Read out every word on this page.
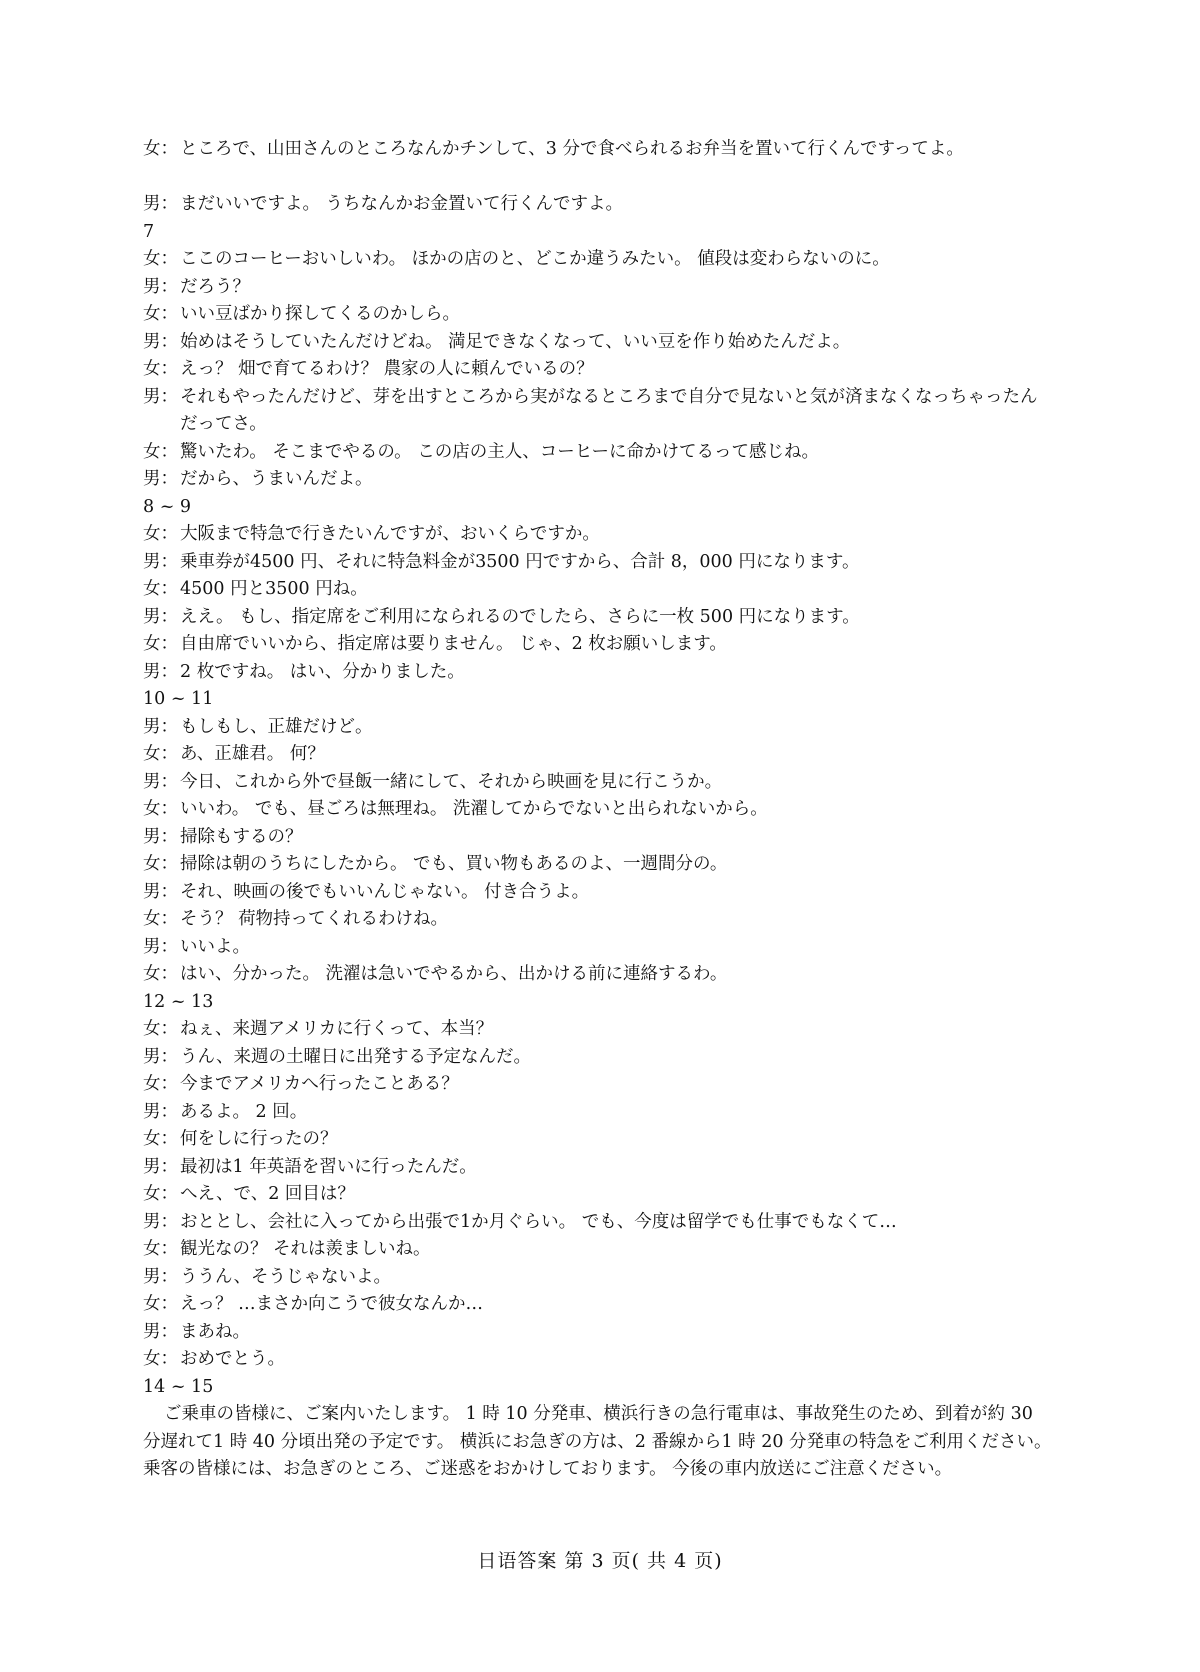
女： ところで、山田さんのところなんかチンして、3 分で食べられるお弁当を置いて行くんですってよ。
男： まだいいですよ。 うちなんかお金置いて行くんですよ。
7
女： ここのコーヒーおいしいわ。 ほかの店のと、どこか違うみたい。 値段は変わらないのに。
男： だろう？
女： いい豆ばかり探してくるのかしら。
男： 始めはそうしていたんだけどね。 満足できなくなって、いい豆を作り始めたんだよ。
女： えっ？ 畑で育てるわけ？ 農家の人に頼んでいるの？
男： それもやったんだけど、芽を出すところから実がなるところまで自分で見ないと気が済まなくなっちゃったんだってさ。
女： 驚いたわ。 そこまでやるの。 この店の主人、コーヒーに命かけてるって感じね。
男： だから、うまいんだよ。
8 ~ 9
女： 大阪まで特急で行きたいんですが、おいくらですか。
男： 乗車券が4500 円、それに特急料金が3500 円ですから、合計 8，000 円になります。
女： 4500 円と3500 円ね。
男： ええ。 もし、指定席をご利用になられるのでしたら、さらに一枚 500 円になります。
女： 自由席でいいから、指定席は要りません。 じゃ、2 枚お願いします。
男： 2 枚ですね。 はい、分かりました。
10 ~ 11
男： もしもし、正雄だけど。
女： あ、正雄君。 何？
男： 今日、これから外で昼飯一緒にして、それから映画を見に行こうか。
女： いいわ。 でも、昼ごろは無理ね。 洗濯してからでないと出られないから。
男： 掃除もするの？
女： 掃除は朝のうちにしたから。 でも、買い物もあるのよ、一週間分の。
男： それ、映画の後でもいいんじゃない。 付き合うよ。
女： そう？ 荷物持ってくれるわけね。
男： いいよ。
女： はい、分かった。 洗濯は急いでやるから、出かける前に連絡するわ。
12 ~ 13
女： ねぇ、来週アメリカに行くって、本当？
男： うん、来週の土曜日に出発する予定なんだ。
女： 今までアメリカへ行ったことある？
男： あるよ。 2 回。
女： 何をしに行ったの？
男： 最初は1 年英語を習いに行ったんだ。
女： へえ、で、2 回目は？
男： おととし、会社に入ってから出張で1か月ぐらい。 でも、今度は留学でも仕事でもなくて…
女： 観光なの？ それは羨ましいね。
男： ううん、そうじゃないよ。
女： えっ？ …まさか向こうで彼女なんか…
男： まあね。
女： おめでとう。
14 ~ 15
ご乗車の皆様に、ご案内いたします。 1 時 10 分発車、横浜行きの急行電車は、事故発生のため、到着が約 30 分遅れて1 時 40 分頃出発の予定です。 横浜にお急ぎの方は、2 番線から1 時 20 分発車の特急をご利用ください。 乗客の皆様には、お急ぎのところ、ご迷惑をおかけしております。 今後の車内放送にご注意ください。
日语答案 第 3 页( 共 4 页)
